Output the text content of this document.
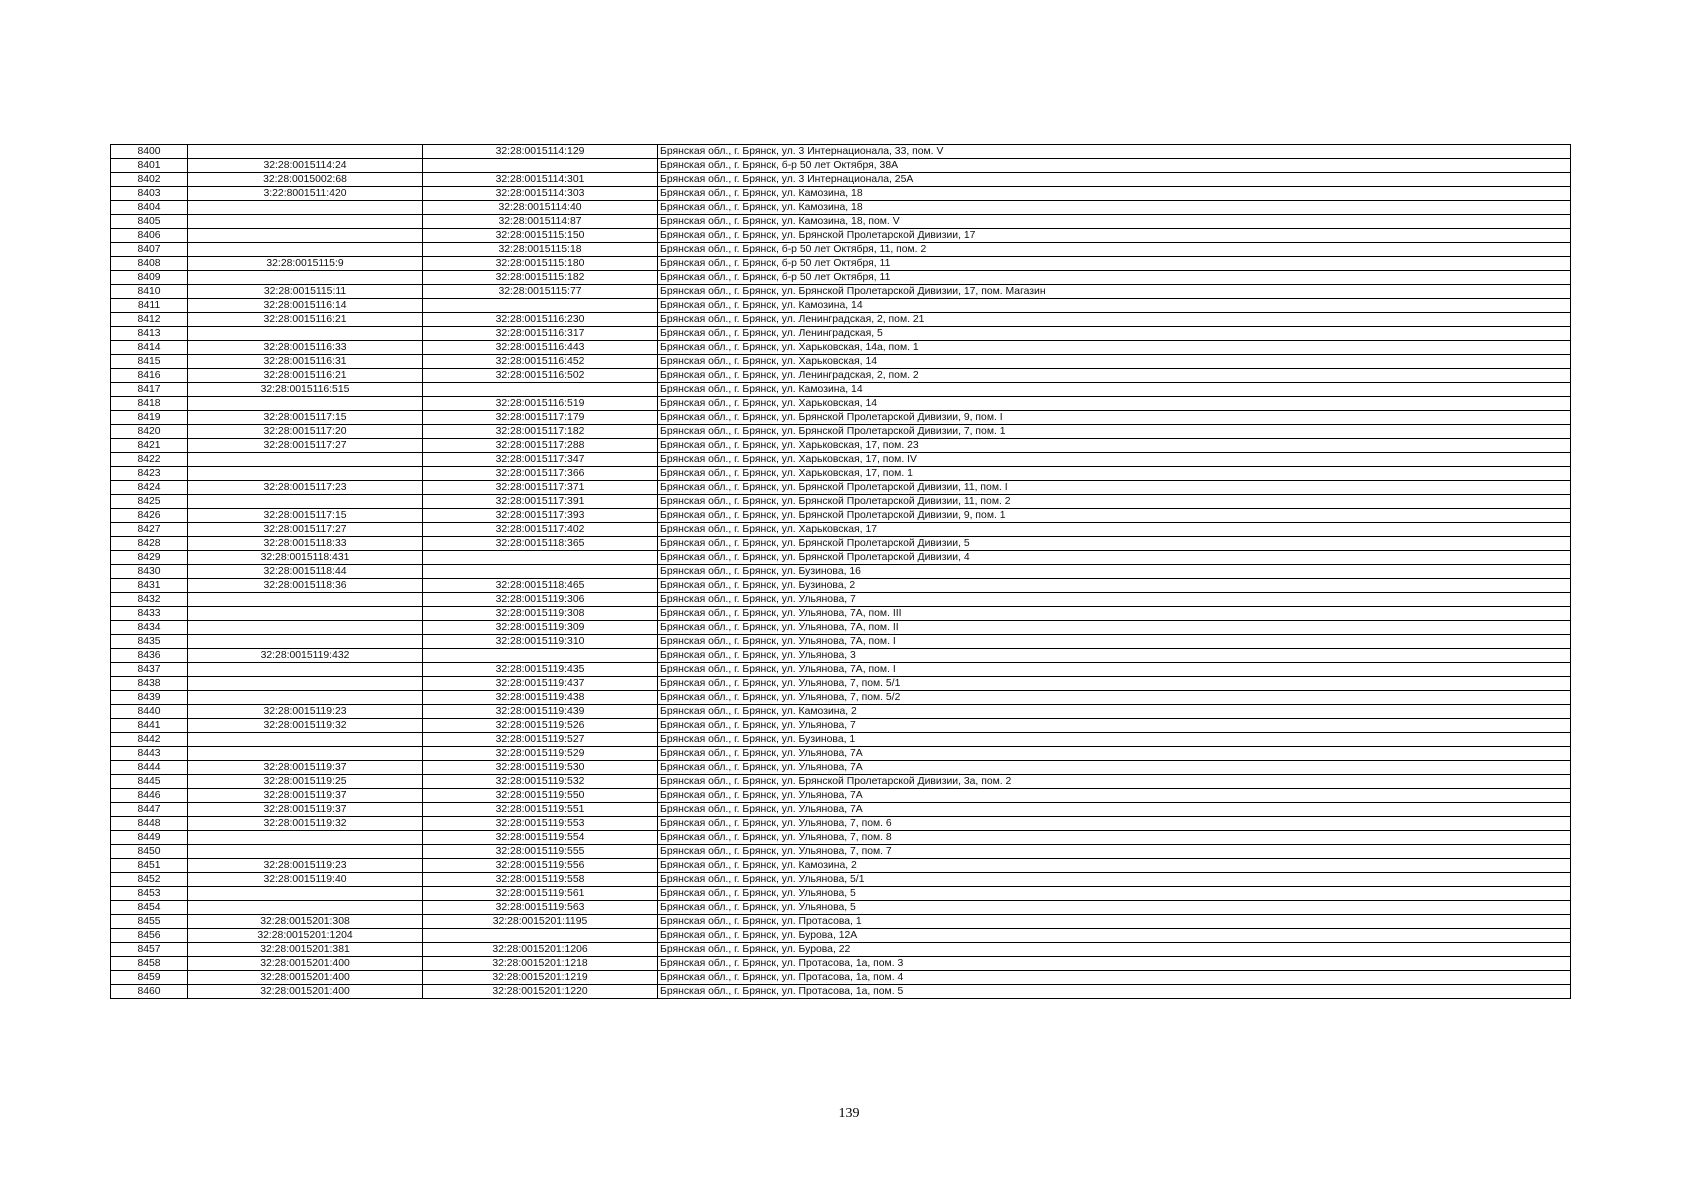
8400		32:28:0015114:129	Брянская обл., г. Брянск, ул. 3 Интернационала, 33, пом. V
8401	32:28:0015114:24		Брянская обл., г. Брянск, б-р 50 лет Октября, 38А
8402	32:28:0015002:68	32:28:0015114:301	Брянская обл., г. Брянск, ул. 3 Интернационала, 25А
8403	3:22:8001511:420	32:28:0015114:303	Брянская обл., г. Брянск, ул. Камозина, 18
8404		32:28:0015114:40	Брянская обл., г. Брянск, ул. Камозина, 18
8405		32:28:0015114:87	Брянская обл., г. Брянск, ул. Камозина, 18, пом. V
8406		32:28:0015115:150	Брянская обл., г. Брянск, ул. Брянской Пролетарской Дивизии, 17
8407		32:28:0015115:18	Брянская обл., г. Брянск, б-р 50 лет Октября, 11, пом. 2
8408	32:28:0015115:9	32:28:0015115:180	Брянская обл., г. Брянск, б-р 50 лет Октября, 11
8409		32:28:0015115:182	Брянская обл., г. Брянск, б-р 50 лет Октября, 11
8410	32:28:0015115:11	32:28:0015115:77	Брянская обл., г. Брянск, ул. Брянской Пролетарской Дивизии, 17, пом. Магазин
8411	32:28:0015116:14		Брянская обл., г. Брянск, ул. Камозина, 14
8412	32:28:0015116:21	32:28:0015116:230	Брянская обл., г. Брянск, ул. Ленинградская, 2, пом. 21
8413		32:28:0015116:317	Брянская обл., г. Брянск, ул. Ленинградская, 5
8414	32:28:0015116:33	32:28:0015116:443	Брянская обл., г. Брянск, ул. Харьковская, 14а, пом. 1
8415	32:28:0015116:31	32:28:0015116:452	Брянская обл., г. Брянск, ул. Харьковская, 14
8416	32:28:0015116:21	32:28:0015116:502	Брянская обл., г. Брянск, ул. Ленинградская, 2, пом. 2
8417	32:28:0015116:515		Брянская обл., г. Брянск, ул. Камозина, 14
8418		32:28:0015116:519	Брянская обл., г. Брянск, ул. Харьковская, 14
8419	32:28:0015117:15	32:28:0015117:179	Брянская обл., г. Брянск, ул. Брянской Пролетарской Дивизии, 9, пом. I
8420	32:28:0015117:20	32:28:0015117:182	Брянская обл., г. Брянск, ул. Брянской Пролетарской Дивизии, 7, пом. 1
8421	32:28:0015117:27	32:28:0015117:288	Брянская обл., г. Брянск, ул. Харьковская, 17, пом. 23
8422		32:28:0015117:347	Брянская обл., г. Брянск, ул. Харьковская, 17, пом. IV
8423		32:28:0015117:366	Брянская обл., г. Брянск, ул. Харьковская, 17, пом. 1
8424	32:28:0015117:23	32:28:0015117:371	Брянская обл., г. Брянск, ул. Брянской Пролетарской Дивизии, 11, пом. I
8425		32:28:0015117:391	Брянская обл., г. Брянск, ул. Брянской Пролетарской Дивизии, 11, пом. 2
8426	32:28:0015117:15	32:28:0015117:393	Брянская обл., г. Брянск, ул. Брянской Пролетарской Дивизии, 9, пом. 1
8427	32:28:0015117:27	32:28:0015117:402	Брянская обл., г. Брянск, ул. Харьковская, 17
8428	32:28:0015118:33	32:28:0015118:365	Брянская обл., г. Брянск, ул. Брянской Пролетарской Дивизии, 5
8429	32:28:0015118:431		Брянская обл., г. Брянск, ул. Брянской Пролетарской Дивизии, 4
8430	32:28:0015118:44		Брянская обл., г. Брянск, ул. Бузинова, 16
8431	32:28:0015118:36	32:28:0015118:465	Брянская обл., г. Брянск, ул. Бузинова, 2
8432		32:28:0015119:306	Брянская обл., г. Брянск, ул. Ульянова, 7
8433		32:28:0015119:308	Брянская обл., г. Брянск, ул. Ульянова, 7А, пом. III
8434		32:28:0015119:309	Брянская обл., г. Брянск, ул. Ульянова, 7А, пом. II
8435		32:28:0015119:310	Брянская обл., г. Брянск, ул. Ульянова, 7А, пом. I
8436	32:28:0015119:432		Брянская обл., г. Брянск, ул. Ульянова, 3
8437		32:28:0015119:435	Брянская обл., г. Брянск, ул. Ульянова, 7А, пом. I
8438		32:28:0015119:437	Брянская обл., г. Брянск, ул. Ульянова, 7, пом. 5/1
8439		32:28:0015119:438	Брянская обл., г. Брянск, ул. Ульянова, 7, пом. 5/2
8440	32:28:0015119:23	32:28:0015119:439	Брянская обл., г. Брянск, ул. Камозина, 2
8441	32:28:0015119:32	32:28:0015119:526	Брянская обл., г. Брянск, ул. Ульянова, 7
8442		32:28:0015119:527	Брянская обл., г. Брянск, ул. Бузинова, 1
8443		32:28:0015119:529	Брянская обл., г. Брянск, ул. Ульянова, 7А
8444	32:28:0015119:37	32:28:0015119:530	Брянская обл., г. Брянск, ул. Ульянова, 7А
8445	32:28:0015119:25	32:28:0015119:532	Брянская обл., г. Брянск, ул. Брянской Пролетарской Дивизии, 3а, пом. 2
8446	32:28:0015119:37	32:28:0015119:550	Брянская обл., г. Брянск, ул. Ульянова, 7А
8447	32:28:0015119:37	32:28:0015119:551	Брянская обл., г. Брянск, ул. Ульянова, 7А
8448	32:28:0015119:32	32:28:0015119:553	Брянская обл., г. Брянск, ул. Ульянова, 7, пом. 6
8449		32:28:0015119:554	Брянская обл., г. Брянск, ул. Ульянова, 7, пом. 8
8450		32:28:0015119:555	Брянская обл., г. Брянск, ул. Ульянова, 7, пом. 7
8451	32:28:0015119:23	32:28:0015119:556	Брянская обл., г. Брянск, ул. Камозина, 2
8452	32:28:0015119:40	32:28:0015119:558	Брянская обл., г. Брянск, ул. Ульянова, 5/1
8453		32:28:0015119:561	Брянская обл., г. Брянск, ул. Ульянова, 5
8454		32:28:0015119:563	Брянская обл., г. Брянск, ул. Ульянова, 5
8455	32:28:0015201:308	32:28:0015201:1195	Брянская обл., г. Брянск, ул. Протасова, 1
8456	32:28:0015201:1204		Брянская обл., г. Брянск, ул. Бурова, 12А
8457	32:28:0015201:381	32:28:0015201:1206	Брянская обл., г. Брянск, ул. Бурова, 22
8458	32:28:0015201:400	32:28:0015201:1218	Брянская обл., г. Брянск, ул. Протасова, 1а, пом. 3
8459	32:28:0015201:400	32:28:0015201:1219	Брянская обл., г. Брянск, ул. Протасова, 1а, пом. 4
8460	32:28:0015201:400	32:28:0015201:1220	Брянская обл., г. Брянск, ул. Протасова, 1а, пом. 5
139
